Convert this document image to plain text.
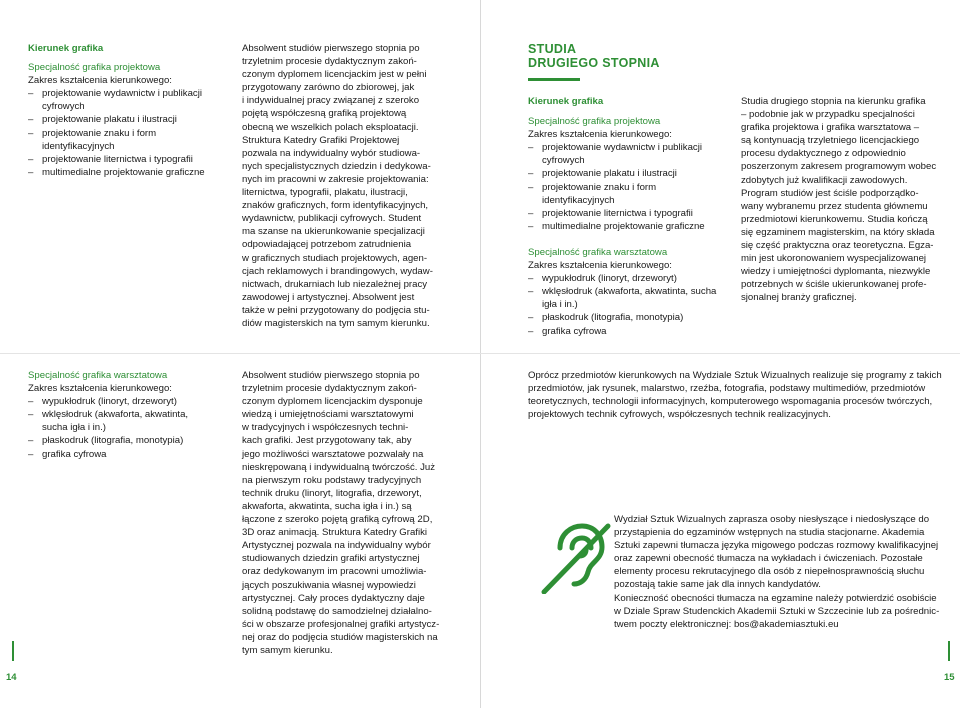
Kierunek grafika

Specjalność grafika projektowa

Zakres kształcenia kierunkowego:

– projektowanie wydawnictw i publikacji cyfrowych

– projektowanie plakatu i ilustracji

– projektowanie znaku i form identyfikacyjnych

– projektowanie liternictwa i typografii

– multimedialne projektowanie graficzne

Absolwent studiów pierwszego stopnia po

trzyletnim procesie dydaktycznym zakoń-

czonym dyplomem licencjackim jest w pełni

przygotowany zarówno do zbiorowej, jak

i indywidualnej pracy związanej z szeroko

pojętą współczesną grafiką projektową

obecną we wszelkich polach eksploatacji.

Struktura Katedry Grafiki Projektowej

pozwala na indywidualny wybór studiowa-

nych specjalistycznych dziedzin i dedykowa-

nych im pracowni w zakresie projektowania:

liternictwa, typografii, plakatu, ilustracji,

znaków graficznych, form identyfikacyjnych,

wydawnictw, publikacji cyfrowych. Student

ma szanse na ukierunkowanie specjalizacji

odpowiadającej potrzebom zatrudnienia

w graficznych studiach projektowych, agen-

cjach reklamowych i brandingowych, wydaw-

nictwach, drukarniach lub niezależnej pracy

zawodowej i artystycznej. Absolwent jest

także w pełni przygotowany do podjęcia stu-

diów magisterskich na tym samym kierunku.

Specjalność grafika warsztatowa

Zakres kształcenia kierunkowego:

– wypukłodruk (linoryt, drzeworyt)

– wklęsłodruk (akwaforta, akwatinta, sucha igła i in.)

– płaskodruk (litografia, monotypia)

– grafika cyfrowa

Absolwent studiów pierwszego stopnia po

trzyletnim procesie dydaktycznym zakoń-

czonym dyplomem licencjackim dysponuje

wiedzą i umiejętnościami warsztatowymi

w tradycyjnych i współczesnych techni-

kach grafiki. Jest przygotowany tak, aby

jego możliwości warsztatowe pozwalały na

nieskrępowaną i indywidualną twórczość. Już

na pierwszym roku podstawy tradycyjnych

technik druku (linoryt, litografia, drzeworyt,

akwaforta, akwatinta, sucha igła i in.) są

łączone z szeroko pojętą grafiką cyfrową 2D,

3D oraz animacją. Struktura Katedry Grafiki

Artystycznej pozwala na indywidualny wybór

studiowanych dziedzin grafiki artystycznej

oraz dedykowanym im pracowni umożliwia-

jących poszukiwania własnej wypowiedzi

artystycznej. Cały proces dydaktyczny daje

solidną podstawę do samodzielnej działalno-

ści w obszarze profesjonalnej grafiki artystycz-

nej oraz do podjęcia studiów magisterskich na

tym samym kierunku.

14
STUDIA
DRUGIEGO STOPNIA

Kierunek grafika

Specjalność grafika projektowa

Zakres kształcenia kierunkowego:

– projektowanie wydawnictw i publikacji cyfrowych

– projektowanie plakatu i ilustracji

– projektowanie znaku i form identyfikacyjnych

– projektowanie liternictwa i typografii

– multimedialne projektowanie graficzne

Specjalność grafika warsztatowa

Zakres kształcenia kierunkowego:

– wypukłodruk (linoryt, drzeworyt)

– wklęsłodruk (akwaforta, akwatinta, sucha igła i in.)

– płaskodruk (litografia, monotypia)

– grafika cyfrowa

Studia drugiego stopnia na kierunku grafika

– podobnie jak w przypadku specjalności

grafika projektowa i grafika warsztatowa –

są kontynuacją trzyletniego licencjackiego

procesu dydaktycznego z odpowiednio

poszerzonym zakresem programowym wobec

zdobytych już kwalifikacji zawodowych.

Program studiów jest ściśle podporządko-

wany wybranemu przez studenta głównemu

przedmiotowi kierunkowemu. Studia kończą

się egzaminem magisterskim, na który składa

się część praktyczna oraz teoretyczna. Egza-

min jest ukoronowaniem wyspecjalizowanej

wiedzy i umiejętności dyplomanta, niezwykle

potrzebnych w ściśle ukierunkowanej profe-

sjonalnej branży graficznej.

Oprócz przedmiotów kierunkowych na Wydziale Sztuk Wizualnych realizuje się programy z takich

przedmiotów, jak rysunek, malarstwo, rzeźba, fotografia, podstawy multimediów, przedmiotów

teoretycznych, technologii informacyjnych, komputerowego wspomagania procesów twórczych,

projektowych technik cyfrowych, współczesnych technik realizacyjnych.

Wydział Sztuk Wizualnych zaprasza osoby niesłyszące i niedosłyszące do

przystąpienia do egzaminów wstępnych na studia stacjonarne. Akademia

Sztuki zapewni tłumacza języka migowego podczas rozmowy kwalifikacyjnej

oraz zapewni obecność tłumacza na wykładach i ćwiczeniach. Pozostałe

elementy procesu rekrutacyjnego dla osób z niepełnosprawnością słuchu

pozostają takie same jak dla innych kandydatów.

Konieczność obecności tłumacza na egzamine należy potwierdzić osobiście

w Dziale Spraw Studenckich Akademii Sztuki w Szczecinie lub za pośrednic-

twem poczty elektronicznej: bos@akademiasztuki.eu

15
